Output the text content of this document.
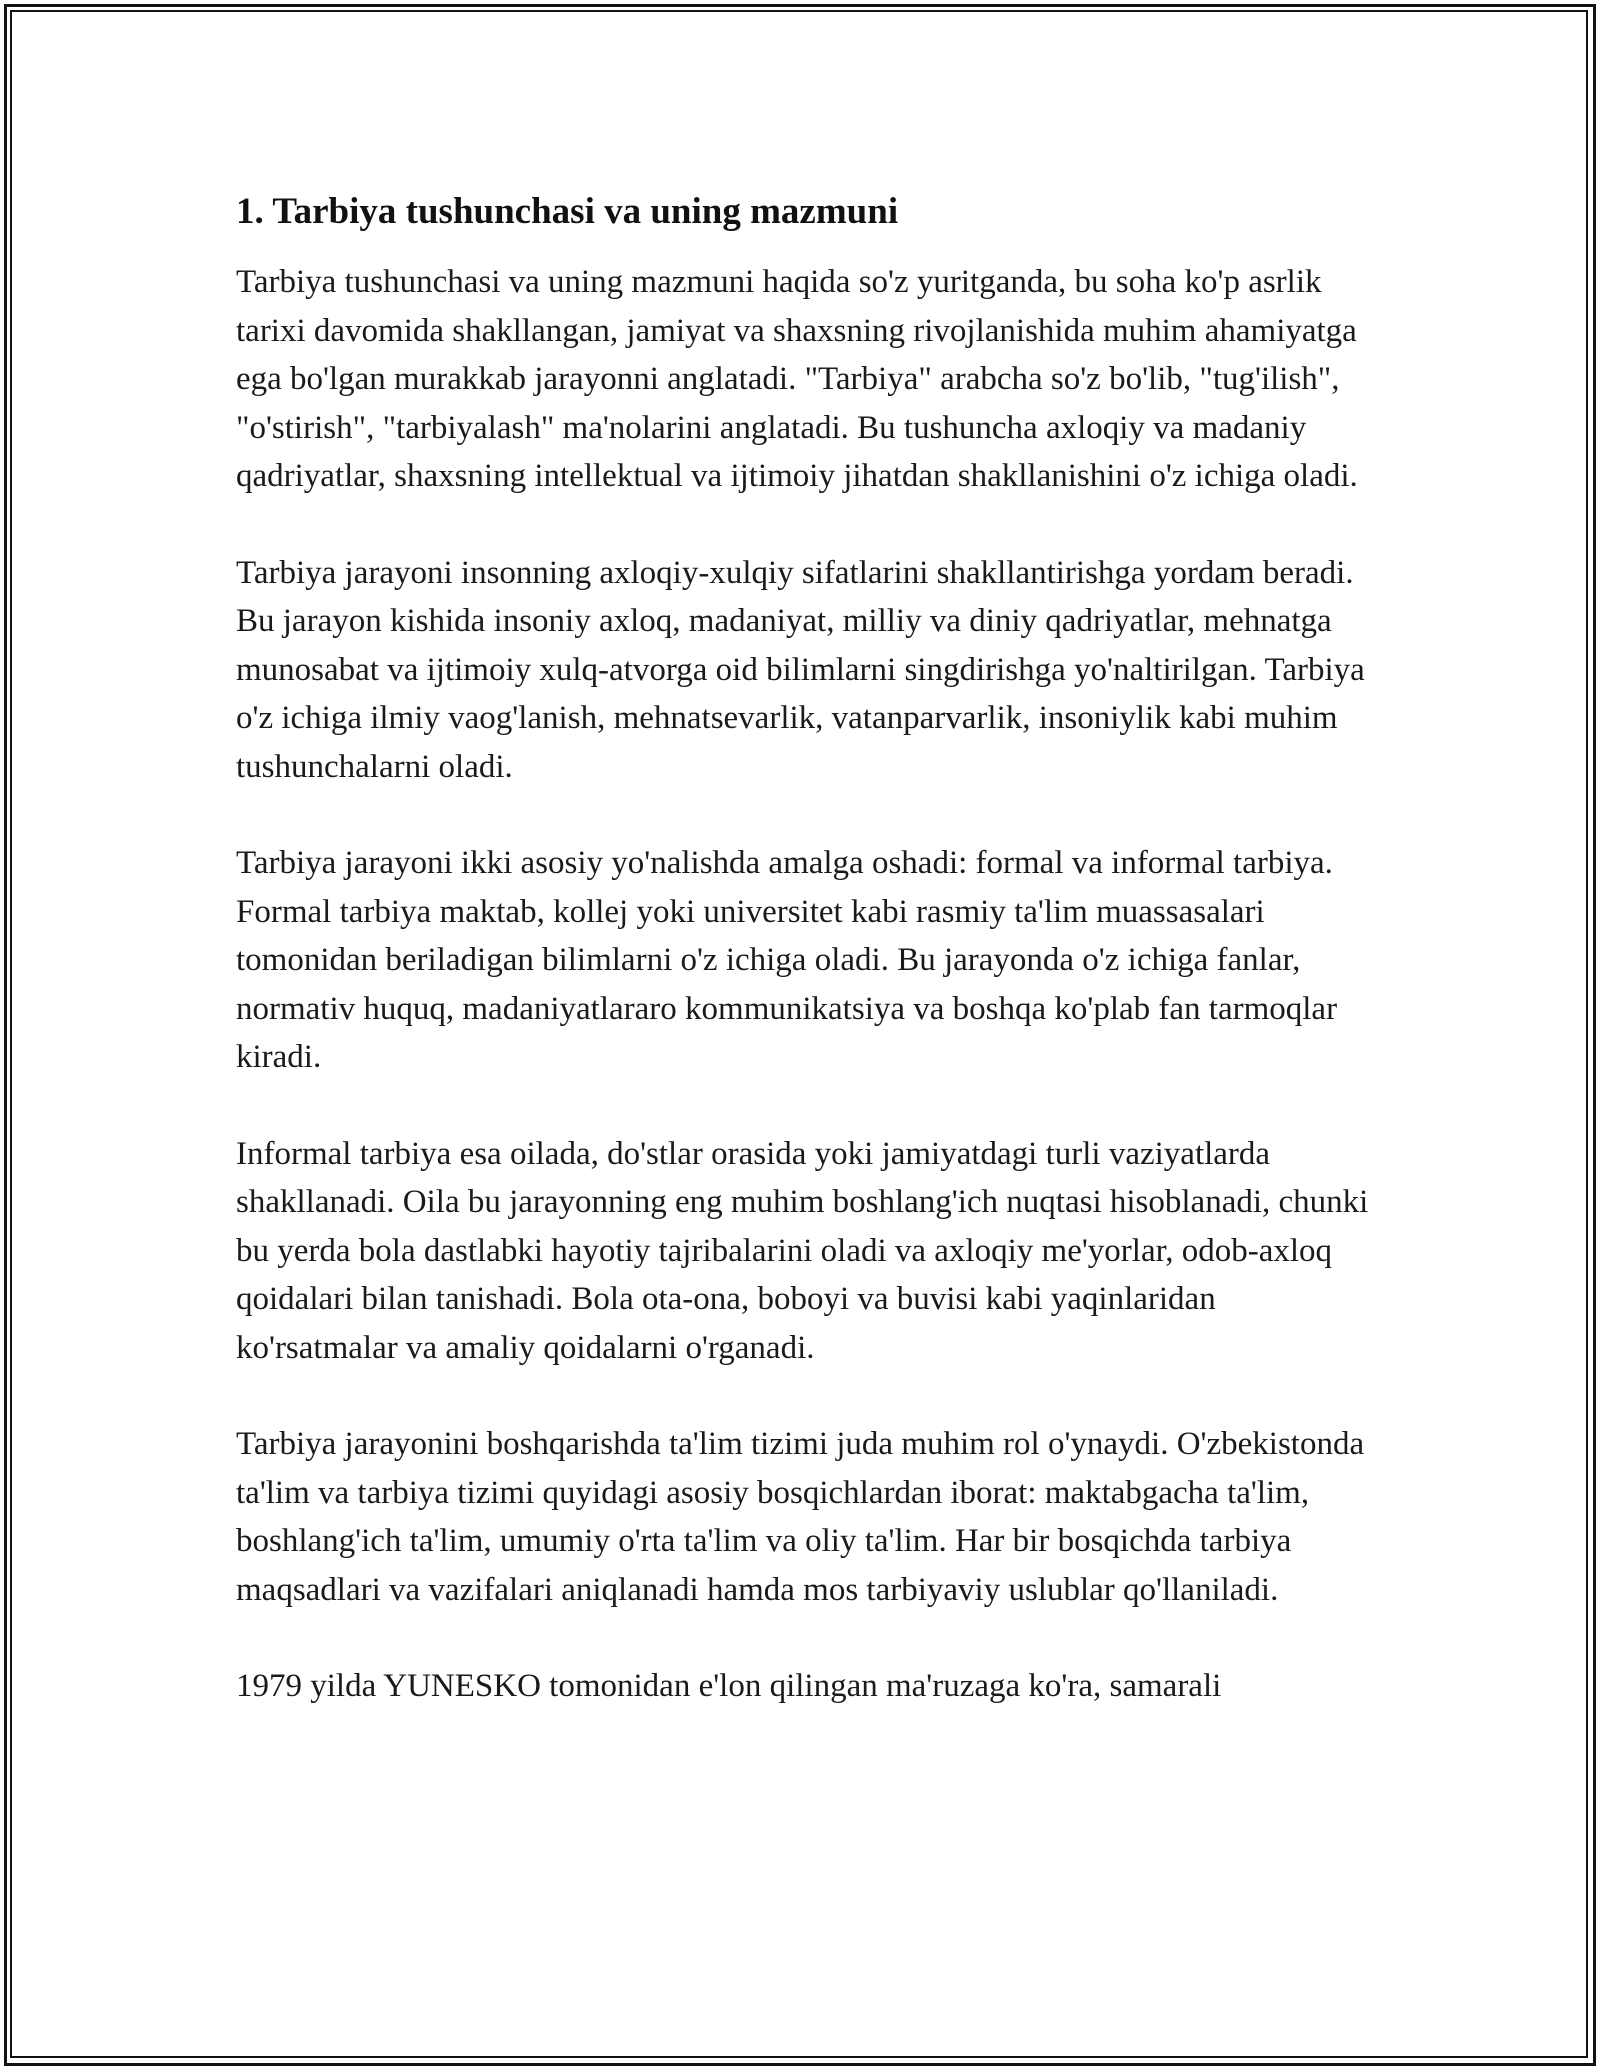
1. Tarbiya tushunchasi va uning mazmuni

Tarbiya tushunchasi va uning mazmuni haqida so'z yuritganda, bu soha ko'p asrlik tarixi davomida shakllangan, jamiyat va shaxsning rivojlanishida muhim ahamiyatga ega bo'lgan murakkab jarayonni anglatadi. "Tarbiya" arabcha so'z bo'lib, "tug'ilish", "o'stirish", "tarbiyalash" ma'nolarini anglatadi. Bu tushuncha axloqiy va madaniy qadriyatlar, shaxsning intellektual va ijtimoiy jihatdan shakllanishini o'z ichiga oladi.

Tarbiya jarayoni insonning axloqiy-xulqiy sifatlarini shakllantirishga yordam beradi. Bu jarayon kishida insoniy axloq, madaniyat, milliy va diniy qadriyatlar, mehnatga munosabat va ijtimoiy xulq-atvorga oid bilimlarni singdirishga yo'naltirilgan. Tarbiya o'z ichiga ilmiy vaog'lanish, mehnatsevarlik, vatanparvarlik, insoniylik kabi muhim tushunchalarni oladi.

Tarbiya jarayoni ikki asosiy yo'nalishda amalga oshadi: formal va informal tarbiya. Formal tarbiya maktab, kollej yoki universitet kabi rasmiy ta'lim muassasalari tomonidan beriladigan bilimlarni o'z ichiga oladi. Bu jarayonda o'z ichiga fanlar, normativ huquq, madaniyatlararo kommunikatsiya va boshqa ko'plab fan tarmoqlar kiradi.

Informal tarbiya esa oilada, do'stlar orasida yoki jamiyatdagi turli vaziyatlarda shakllanadi. Oila bu jarayonning eng muhim boshlang'ich nuqtasi hisoblanadi, chunki bu yerda bola dastlabki hayotiy tajribalarini oladi va axloqiy me'yorlar, odob-axloq qoidalari bilan tanishadi. Bola ota-ona, boboyi va buvisi kabi yaqinlaridan ko'rsatmalar va amaliy qoidalarni o'rganadi.

Tarbiya jarayonini boshqarishda ta'lim tizimi juda muhim rol o'ynaydi. O'zbekistonda ta'lim va tarbiya tizimi quyidagi asosiy bosqichlardan iborat: maktabgacha ta'lim, boshlang'ich ta'lim, umumiy o'rta ta'lim va oliy ta'lim. Har bir bosqichda tarbiya maqsadlari va vazifalari aniqlanadi hamda mos tarbiyaviy uslublar qo'llaniladi.

1979 yilda YUNESKO tomonidan e'lon qilingan ma'ruzaga ko'ra, samarali
